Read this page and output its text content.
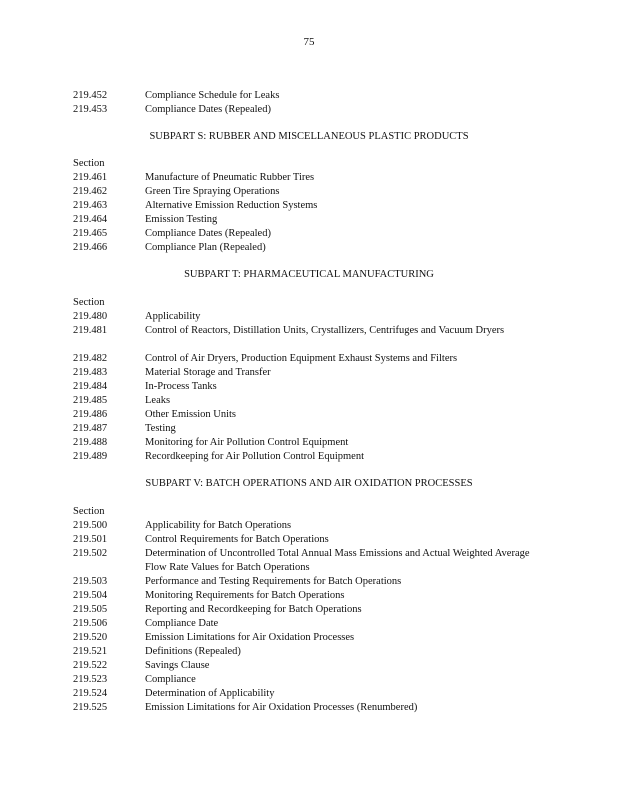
75
219.452	Compliance Schedule for Leaks
219.453	Compliance Dates (Repealed)
SUBPART S: RUBBER AND MISCELLANEOUS PLASTIC PRODUCTS
Section
219.461	Manufacture of Pneumatic Rubber Tires
219.462	Green Tire Spraying Operations
219.463	Alternative Emission Reduction Systems
219.464	Emission Testing
219.465	Compliance Dates (Repealed)
219.466	Compliance Plan (Repealed)
SUBPART T: PHARMACEUTICAL MANUFACTURING
Section
219.480	Applicability
219.481	Control of Reactors, Distillation Units, Crystallizers, Centrifuges and Vacuum Dryers
219.482	Control of Air Dryers, Production Equipment Exhaust Systems and Filters
219.483	Material Storage and Transfer
219.484	In-Process Tanks
219.485	Leaks
219.486	Other Emission Units
219.487	Testing
219.488	Monitoring for Air Pollution Control Equipment
219.489	Recordkeeping for Air Pollution Control Equipment
SUBPART V: BATCH OPERATIONS AND AIR OXIDATION PROCESSES
Section
219.500	Applicability for Batch Operations
219.501	Control Requirements for Batch Operations
219.502	Determination of Uncontrolled Total Annual Mass Emissions and Actual Weighted Average Flow Rate Values for Batch Operations
219.503	Performance and Testing Requirements for Batch Operations
219.504	Monitoring Requirements for Batch Operations
219.505	Reporting and Recordkeeping for Batch Operations
219.506	Compliance Date
219.520	Emission Limitations for Air Oxidation Processes
219.521	Definitions (Repealed)
219.522	Savings Clause
219.523	Compliance
219.524	Determination of Applicability
219.525	Emission Limitations for Air Oxidation Processes (Renumbered)
